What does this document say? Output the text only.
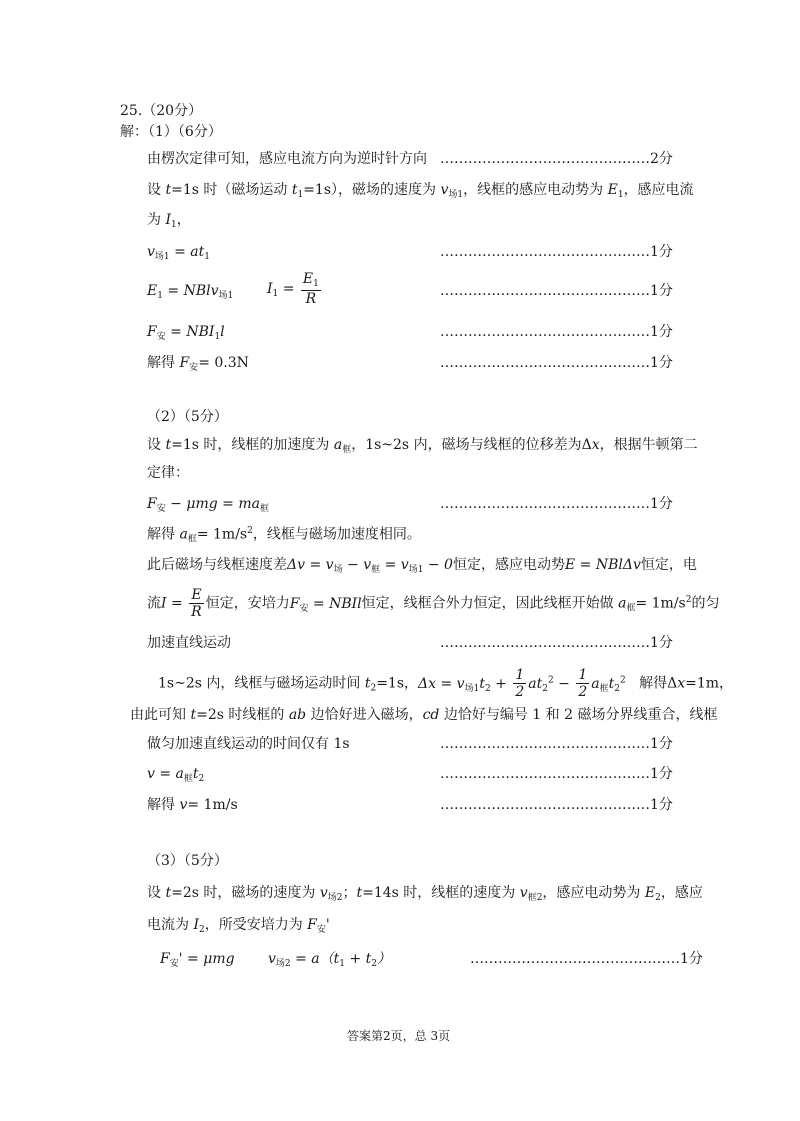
25.（20分）
解：（1）（6分）
由楞次定律可知，感应电流方向为逆时针方向 ………………………………………2分
设 t=1s 时（磁场运动 $t_1=1s$），磁场的速度为 $v_{场1}$，线框的感应电动势为 $E_1$，感应电流
为 $I_1$，
$v_{场1} = at_1$	………………………………………1分
$E_1$ = NBlv$_{场1}$ $I_1 = \frac{E_1}{R}$	………………………………………1分
$F_安 = NBI_1l$	………………………………………1分
解得 $F_安= 0.3N$	………………………………………1分
（2）（5分）
设 t=1s 时，线框的加速度为 $a_框$，1s~2s 内，磁场与线框的位移差为Δx，根据牛顿第二
定律：
$F_安 - \mu mg = ma_框$	………………………………………1分
解得 $a_框= 1m/s^2$，线框与磁场加速度相同。
此后磁场与线框速度差$\Delta v = v_场 - v_框 = v_{场1} - 0$恒定，感应电动势E = NBlΔv恒定，电
流$I = \frac{E}{R}$ 恒定，安培力$F_安$ = NBIl恒定，线框合外力恒定，因此线框开始做 $a_框= 1m/s^2$的匀
加速直线运动	………………………………………1分
1s~2s 内，线框与磁场运动时间 $t_2=1s$，$\Delta x = v_{场1}t_2 + \frac{1}{2} at_2^2 - \frac{1}{2} a_框t_2^2$ 解得Δx=1m，
由此可知 t=2s 时线框的 ab 边恰好进入磁场，cd 边恰好与编号 1 和 2 磁场分界线重合，线框
做匀加速直线运动的时间仅有 1s	………………………………………1分
$v = a_框t_2$	………………………………………1分
解得 v= 1m/s	………………………………………1分
（3）（5分）
设 t=2s 时，磁场的速度为 $v_{场2}$；t=14s 时，线框的速度为 $v_{框2}$，感应电动势为 $E_2$，感应
电流为 $I_2$，所受安培力为 $F_安'$
$F_安' = \mu mg$ $v_{场2} = a(t_1 + t_2)$	………………………………………1分
答案第2页，总 3页
